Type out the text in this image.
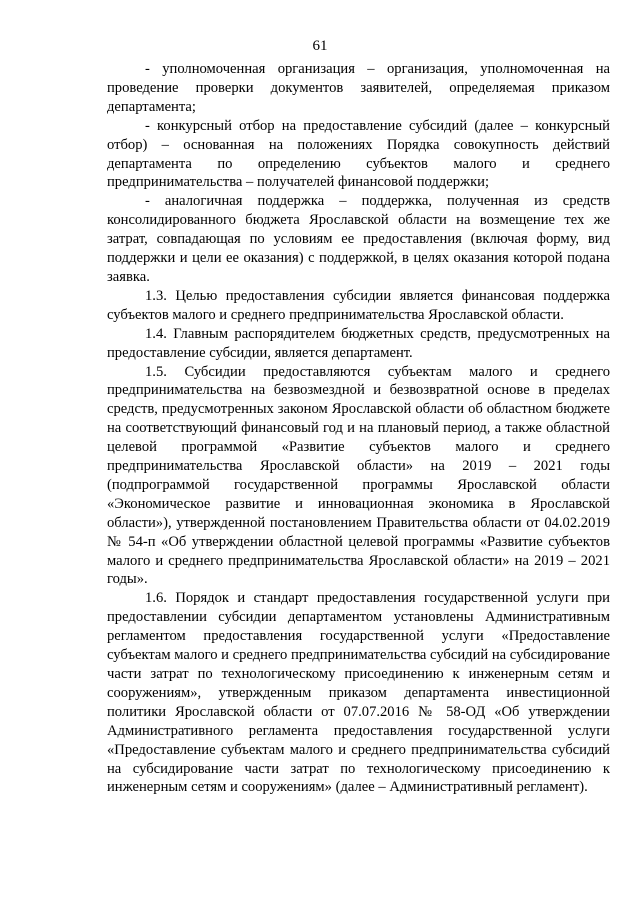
61

- уполномоченная организация – организация, уполномоченная на проведение проверки документов заявителей, определяемая приказом департамента;

- конкурсный отбор на предоставление субсидий (далее – конкурсный отбор) – основанная на положениях Порядка совокупность действий департамента по определению субъектов малого и среднего предпринимательства – получателей финансовой поддержки;

- аналогичная поддержка – поддержка, полученная из средств консолидированного бюджета Ярославской области на возмещение тех же затрат, совпадающая по условиям ее предоставления (включая форму, вид поддержки и цели ее оказания) с поддержкой, в целях оказания которой подана заявка.

1.3. Целью предоставления субсидии является финансовая поддержка субъектов малого и среднего предпринимательства Ярославской области.

1.4. Главным распорядителем бюджетных средств, предусмотренных на предоставление субсидии, является департамент.

1.5. Субсидии предоставляются субъектам малого и среднего предпринимательства на безвозмездной и безвозвратной основе в пределах средств, предусмотренных законом Ярославской области об областном бюджете на соответствующий финансовый год и на плановый период, а также областной целевой программой «Развитие субъектов малого и среднего предпринимательства Ярославской области» на 2019 – 2021 годы (подпрограммой государственной программы Ярославской области «Экономическое развитие и инновационная экономика в Ярославской области»), утвержденной постановлением Правительства области от 04.02.2019 № 54-п «Об утверждении областной целевой программы «Развитие субъектов малого и среднего предпринимательства Ярославской области» на 2019 – 2021 годы».

1.6. Порядок и стандарт предоставления государственной услуги при предоставлении субсидии департаментом установлены Административным регламентом предоставления государственной услуги «Предоставление субъектам малого и среднего предпринимательства субсидий на субсидирование части затрат по технологическому присоединению к инженерным сетям и сооружениям», утвержденным приказом департамента инвестиционной политики Ярославской области от 07.07.2016 № 58-ОД «Об утверждении Административного регламента предоставления государственной услуги «Предоставление субъектам малого и среднего предпринимательства субсидий на субсидирование части затрат по технологическому присоединению к инженерным сетям и сооружениям» (далее – Административный регламент).
